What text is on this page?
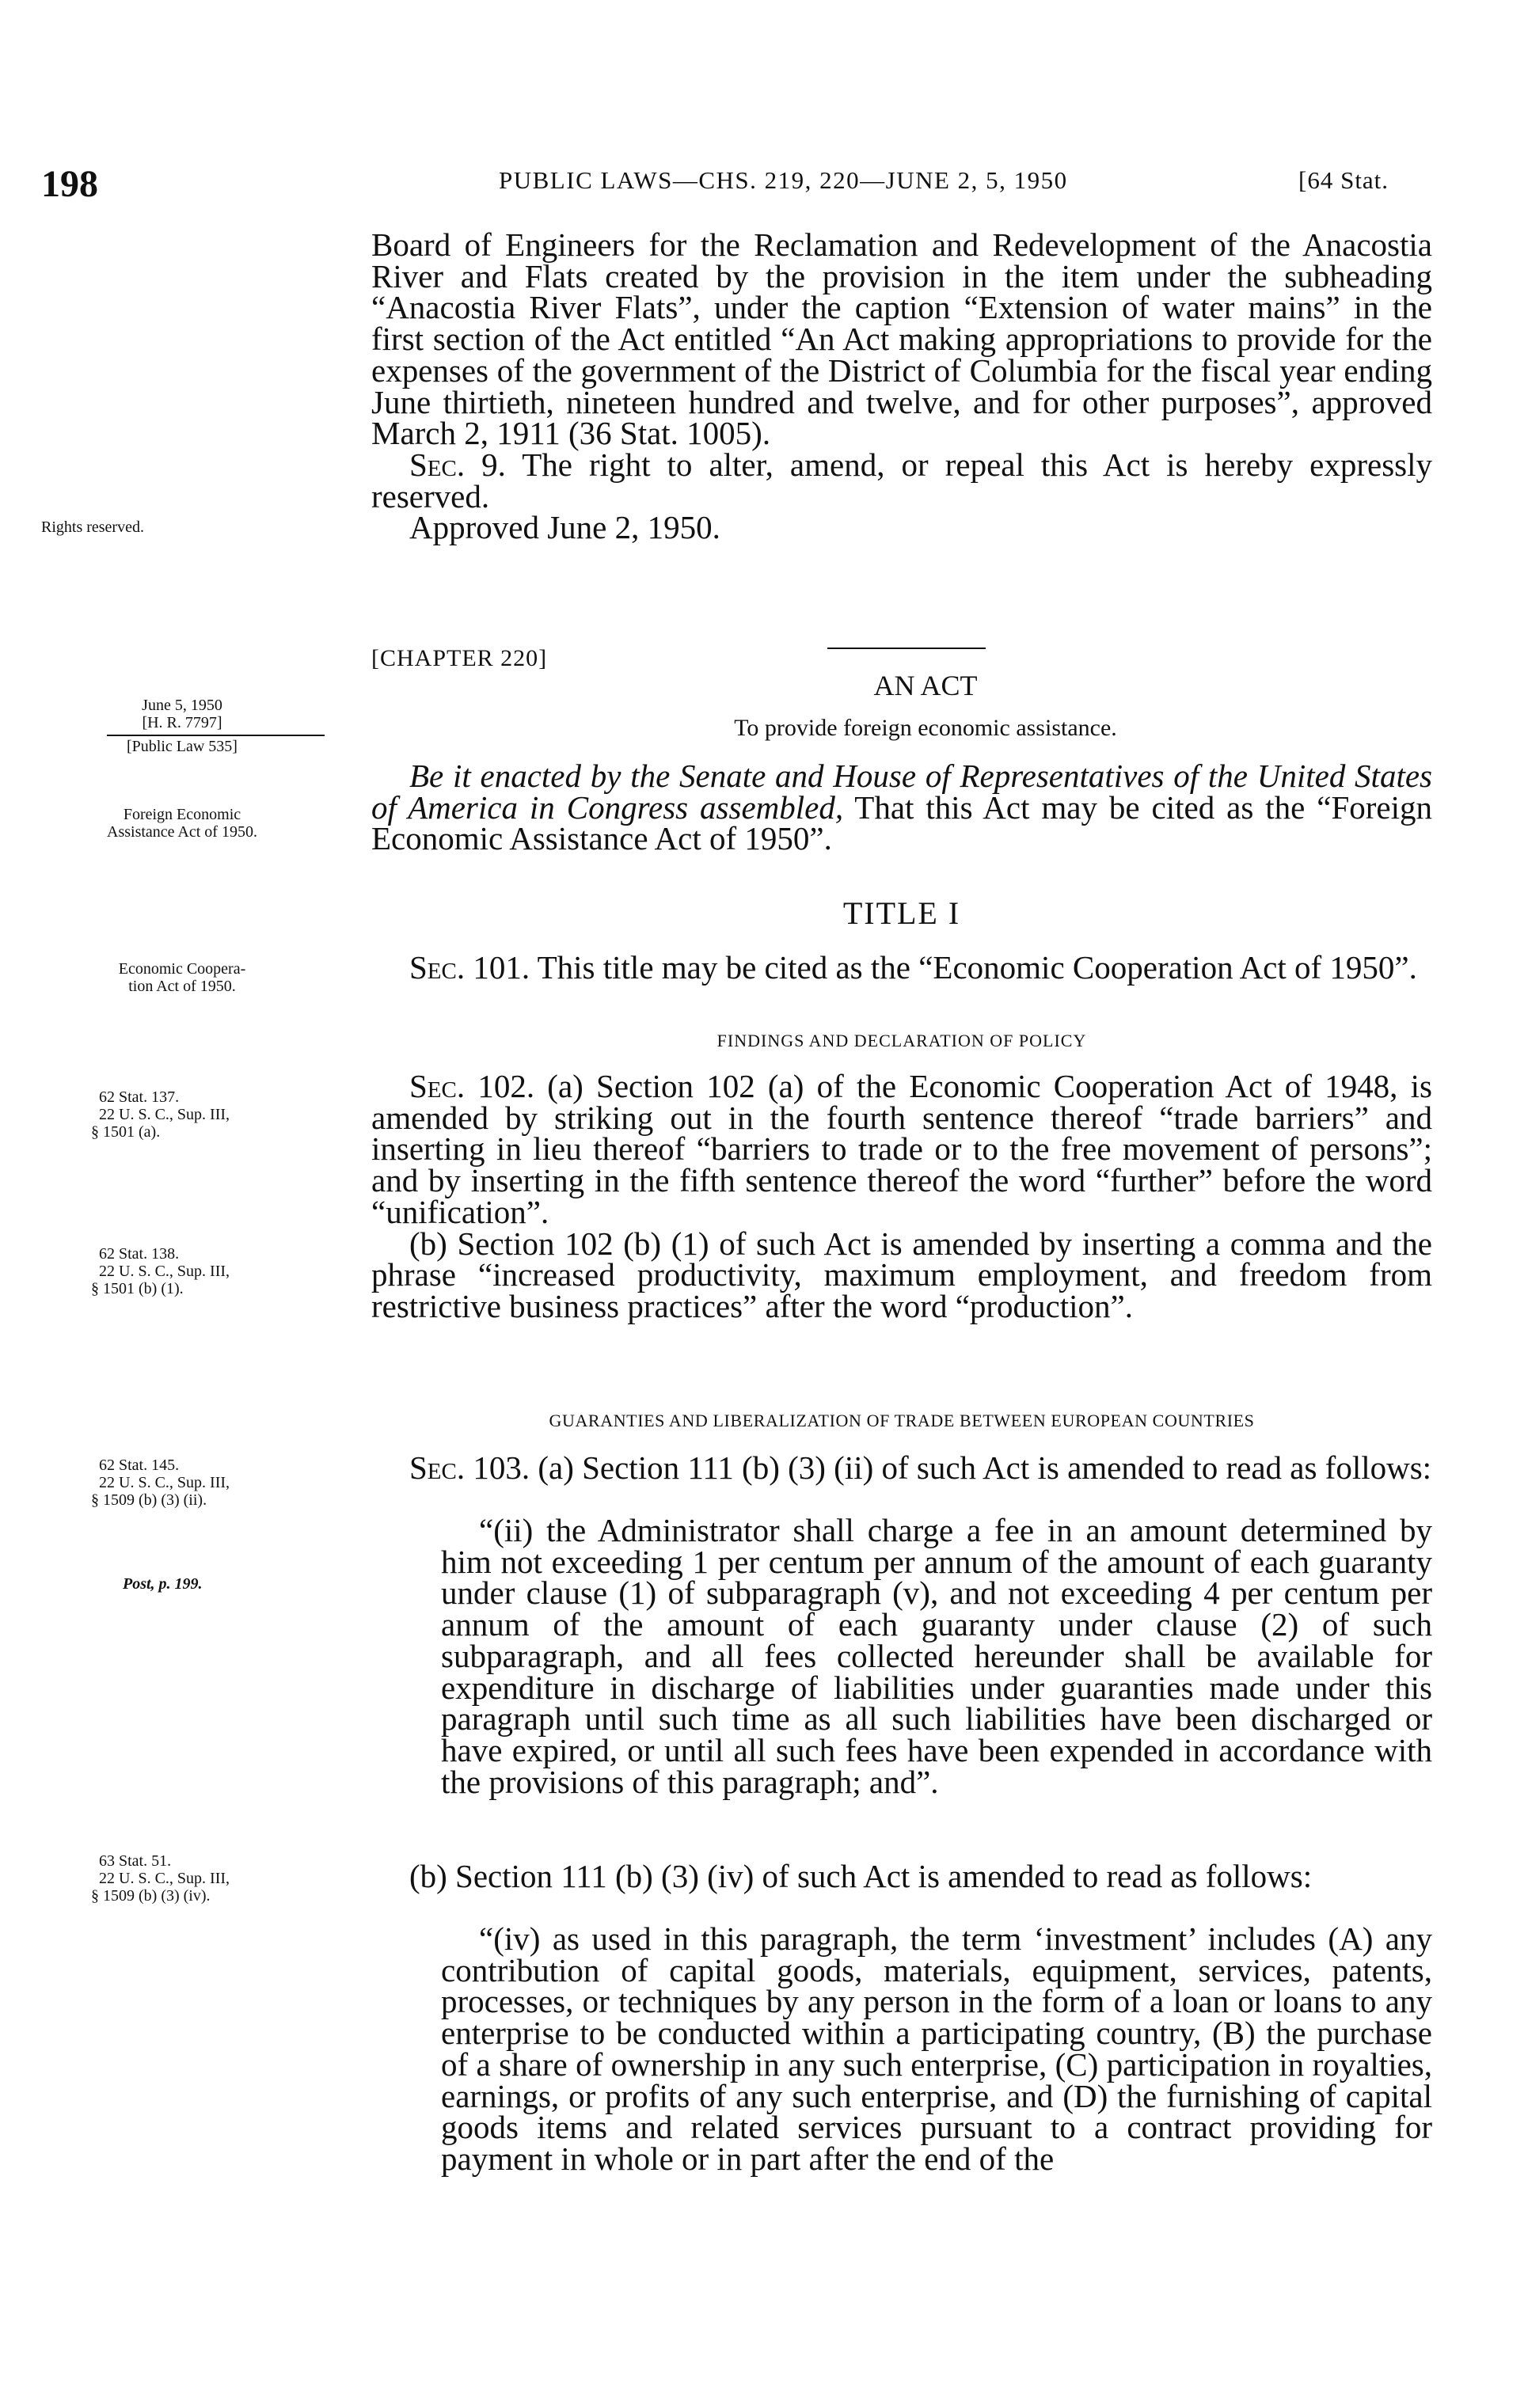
198	PUBLIC LAWS—CHS. 219, 220—JUNE 2, 5, 1950	[64 Stat.

Board of Engineers for the Reclamation and Redevelopment of the Anacostia River and Flats created by the provision in the item under the subheading “Anacostia River Flats”, under the caption “Extension of water mains” in the first section of the Act entitled “An Act making appropriations to provide for the expenses of the government of the District of Columbia for the fiscal year ending June thirtieth, nineteen hundred and twelve, and for other purposes”, approved March 2, 1911 (36 Stat. 1005).

Sec. 9. The right to alter, amend, or repeal this Act is hereby expressly reserved.

Approved June 2, 1950.

Rights reserved.
June 5, 1950
[H. R. 7797]
[Public Law 535]
Foreign Economic
Assistance Act of 1950.
Economic Coopera-
tion Act of 1950.
62 Stat. 137.
22 U. S. C., Sup. III,
§ 1501 (a).
62 Stat. 138.
22 U. S. C., Sup. III,
§ 1501 (b) (1).
62 Stat. 145.
22 U. S. C., Sup. III,
§ 1509 (b) (3) (ii).
Post, p. 199.
63 Stat. 51.
22 U. S. C., Sup. III,
§ 1509 (b) (3) (iv).
[CHAPTER 220]
AN ACT
To provide foreign economic assistance.

Be it enacted by the Senate and House of Representatives of the United States of America in Congress assembled, That this Act may be cited as the “Foreign Economic Assistance Act of 1950”.

TITLE I

Sec. 101. This title may be cited as the “Economic Cooperation Act of 1950”.

FINDINGS AND DECLARATION OF POLICY

Sec. 102. (a) Section 102 (a) of the Economic Cooperation Act of 1948, is amended by striking out in the fourth sentence thereof “trade barriers” and inserting in lieu thereof “barriers to trade or to the free movement of persons”; and by inserting in the fifth sentence thereof the word “further” before the word “unification”.

(b) Section 102 (b) (1) of such Act is amended by inserting a comma and the phrase “increased productivity, maximum employment, and freedom from restrictive business practices” after the word “production”.

GUARANTIES AND LIBERALIZATION OF TRADE BETWEEN EUROPEAN COUNTRIES

Sec. 103. (a) Section 111 (b) (3) (ii) of such Act is amended to read as follows:

“(ii) the Administrator shall charge a fee in an amount determined by him not exceeding 1 per centum per annum of the amount of each guaranty under clause (1) of subparagraph (v), and not exceeding 4 per centum per annum of the amount of each guaranty under clause (2) of such subparagraph, and all fees collected hereunder shall be available for expenditure in discharge of liabilities under guaranties made under this paragraph until such time as all such liabilities have been discharged or have expired, or until all such fees have been expended in accordance with the provisions of this paragraph; and”.

(b) Section 111 (b) (3) (iv) of such Act is amended to read as follows:

“(iv) as used in this paragraph, the term ‘investment’ includes (A) any contribution of capital goods, materials, equipment, services, patents, processes, or techniques by any person in the form of a loan or loans to any enterprise to be conducted within a participating country, (B) the purchase of a share of ownership in any such enterprise, (C) participation in royalties, earnings, or profits of any such enterprise, and (D) the furnishing of capital goods items and related services pursuant to a contract providing for payment in whole or in part after the end of the
